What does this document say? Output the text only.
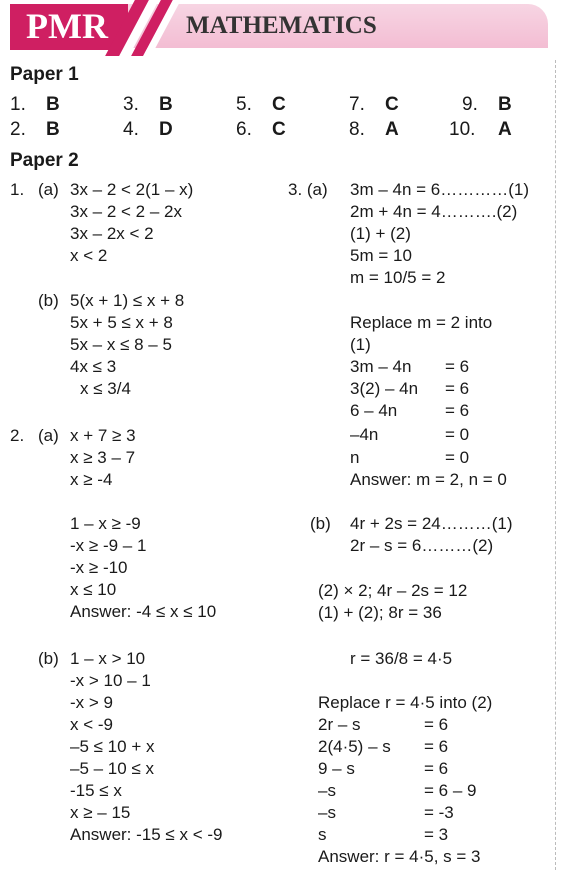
PMR	MATHEMATICS
Paper 1
1. B	3. B	5. C	7. C	9. B
2. B	4. D	6. C	8. A	10. A
Paper 2
1. (a) 3x – 2 < 2(1 – x)
3x – 2 < 2 – 2x
3x – 2x < 2
x < 2
(b) 5(x + 1) ≤ x + 8
5x + 5 ≤ x + 8
5x – x ≤ 8 – 5
4x ≤ 3
x ≤ 3/4
2. (a) x + 7 ≥ 3
x ≥ 3 – 7
x ≥ -4
1 – x ≥ -9
-x ≥ -9 – 1
-x ≥ -10
x ≤ 10
Answer: -4 ≤ x ≤ 10
(b) 1 – x > 10
-x > 10 – 1
-x > 9
x < -9
–5 ≤ 10 + x
–5 – 10 ≤ x
-15 ≤ x
x ≥ – 15
Answer: -15 ≤ x < -9
3. (a) 3m – 4n = 6…………(1)
2m + 4n = 4……….(2)
(1) + (2)
5m = 10
m = 10/5 = 2
Replace m = 2 into
(1)
3m – 4n = 6
3(2) – 4n = 6
6 – 4n	= 6
–4n	= 0
n	= 0
Answer: m = 2, n = 0
(b) 4r + 2s = 24………(1)
2r – s = 6………(2)
(2) × 2; 4r – 2s = 12
(1) + (2); 8r = 36
r = 36/8 = 4·5
Replace r = 4·5 into (2)
2r – s	= 6
2(4·5) – s = 6
9 – s	= 6
–s	= 6 – 9
–s	= -3
s	= 3
Answer: r = 4·5, s = 3
